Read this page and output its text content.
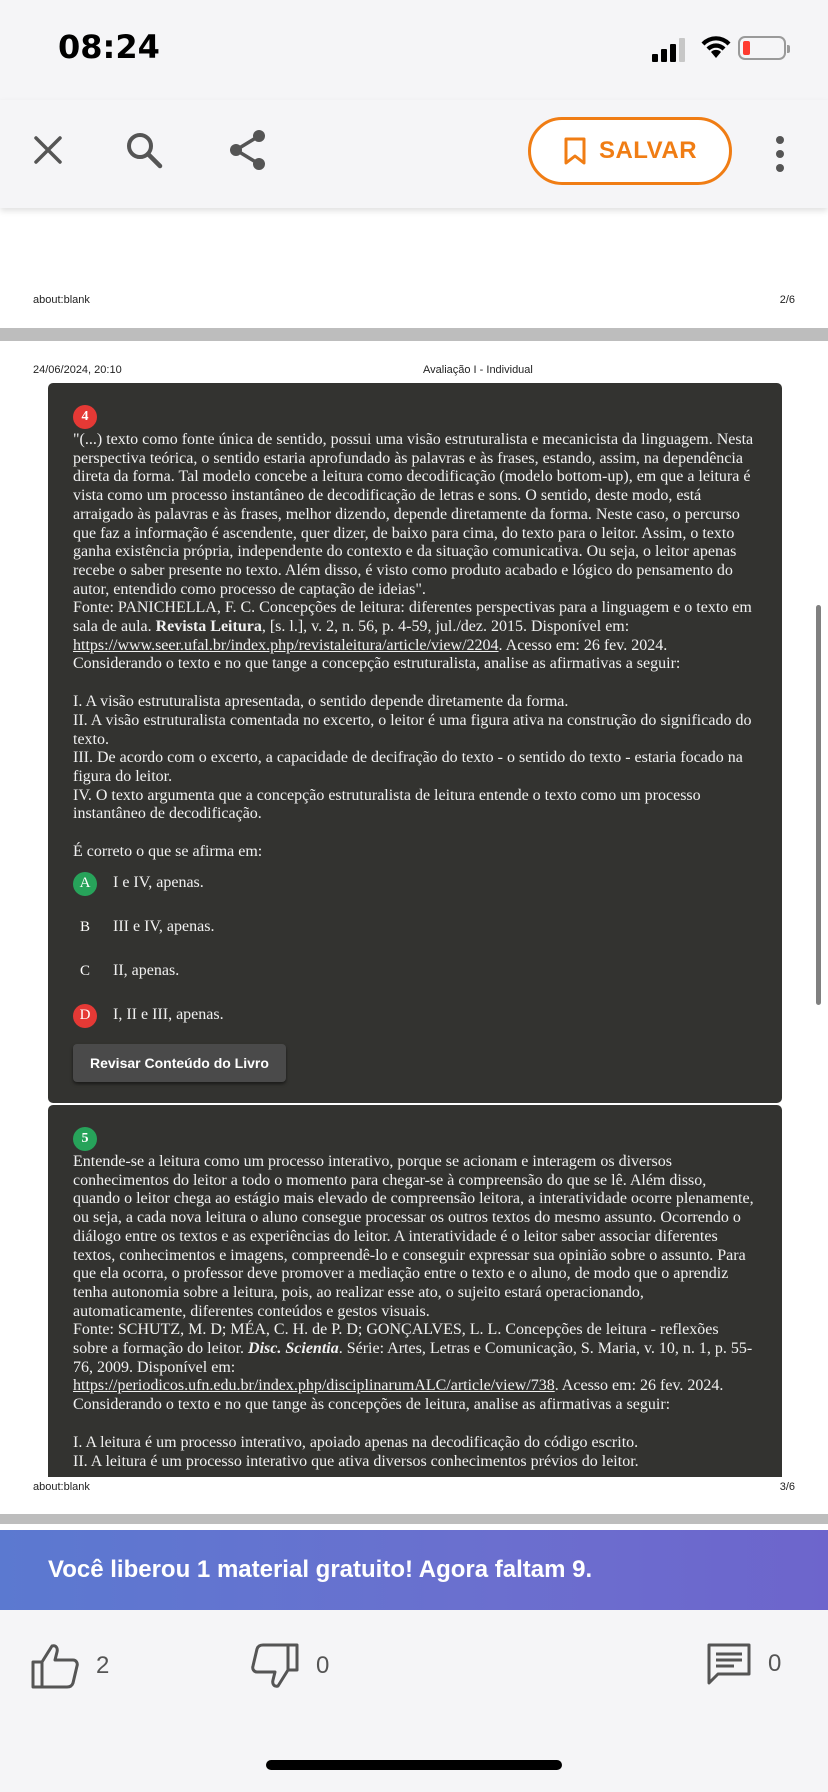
08:24
SALVAR
about:blank	2/6
24/06/2024, 20:10	Avaliação I - Individual
4

"(...) texto como fonte única de sentido, possui uma visão estruturalista e mecanicista da linguagem. Nesta perspectiva teórica, o sentido estaria aprofundado às palavras e às frases, estando, assim, na dependência direta da forma. Tal modelo concebe a leitura como decodificação (modelo bottom-up), em que a leitura é vista como um processo instantâneo de decodificação de letras e sons. O sentido, deste modo, está arraigado às palavras e às frases, melhor dizendo, depende diretamente da forma. Neste caso, o percurso que faz a informação é ascendente, quer dizer, de baixo para cima, do texto para o leitor. Assim, o texto ganha existência própria, independente do contexto e da situação comunicativa. Ou seja, o leitor apenas recebe o saber presente no texto. Além disso, é visto como produto acabado e lógico do pensamento do autor, entendido como processo de captação de ideias".

Fonte: PANICHELLA, F. C. Concepções de leitura: diferentes perspectivas para a linguagem e o texto em sala de aula. Revista Leitura, [s. l.], v. 2, n. 56, p. 4-59, jul./dez. 2015. Disponível em:
https://www.seer.ufal.br/index.php/revistaleitura/article/view/2204. Acesso em: 26 fev. 2024.

Considerando o texto e no que tange a concepção estruturalista, analise as afirmativas a seguir:

I. A visão estruturalista apresentada, o sentido depende diretamente da forma.

II. A visão estruturalista comentada no excerto, o leitor é uma figura ativa na construção do significado do texto.

III. De acordo com o excerto, a capacidade de decifração do texto - o sentido do texto - estaria focado na figura do leitor.

IV. O texto argumenta que a concepção estruturalista de leitura entende o texto como um processo instantâneo de decodificação.

É correto o que se afirma em:

A	I e IV, apenas.
B	III e IV, apenas.
C	II, apenas.
D	I, II e III, apenas.
Revisar Conteúdo do Livro
5

Entende-se a leitura como um processo interativo, porque se acionam e interagem os diversos conhecimentos do leitor a todo o momento para chegar-se à compreensão do que se lê. Além disso, quando o leitor chega ao estágio mais elevado de compreensão leitora, a interatividade ocorre plenamente, ou seja, a cada nova leitura o aluno consegue processar os outros textos do mesmo assunto. Ocorrendo o diálogo entre os textos e as experiências do leitor. A interatividade é o leitor saber associar diferentes textos, conhecimentos e imagens, compreendê-lo e conseguir expressar sua opinião sobre o assunto. Para que ela ocorra, o professor deve promover a mediação entre o texto e o aluno, de modo que o aprendiz tenha autonomia sobre a leitura, pois, ao realizar esse ato, o sujeito estará operacionando, automaticamente, diferentes conteúdos e gestos visuais.

Fonte: SCHUTZ, M. D; MÉA, C. H. de P. D; GONÇALVES, L. L. Concepções de leitura - reflexões sobre a formação do leitor. Disc. Scientia. Série: Artes, Letras e Comunicação, S. Maria, v. 10, n. 1, p. 55-76, 2009. Disponível em:
https://periodicos.ufn.edu.br/index.php/disciplinarumALC/article/view/738. Acesso em: 26 fev. 2024.

Considerando o texto e no que tange às concepções de leitura, analise as afirmativas a seguir:

I. A leitura é um processo interativo, apoiado apenas na decodificação do código escrito.

II. A leitura é um processo interativo que ativa diversos conhecimentos prévios do leitor.

about:blank	3/6
Você liberou 1 material gratuito! Agora faltam 9.
2	0	0
